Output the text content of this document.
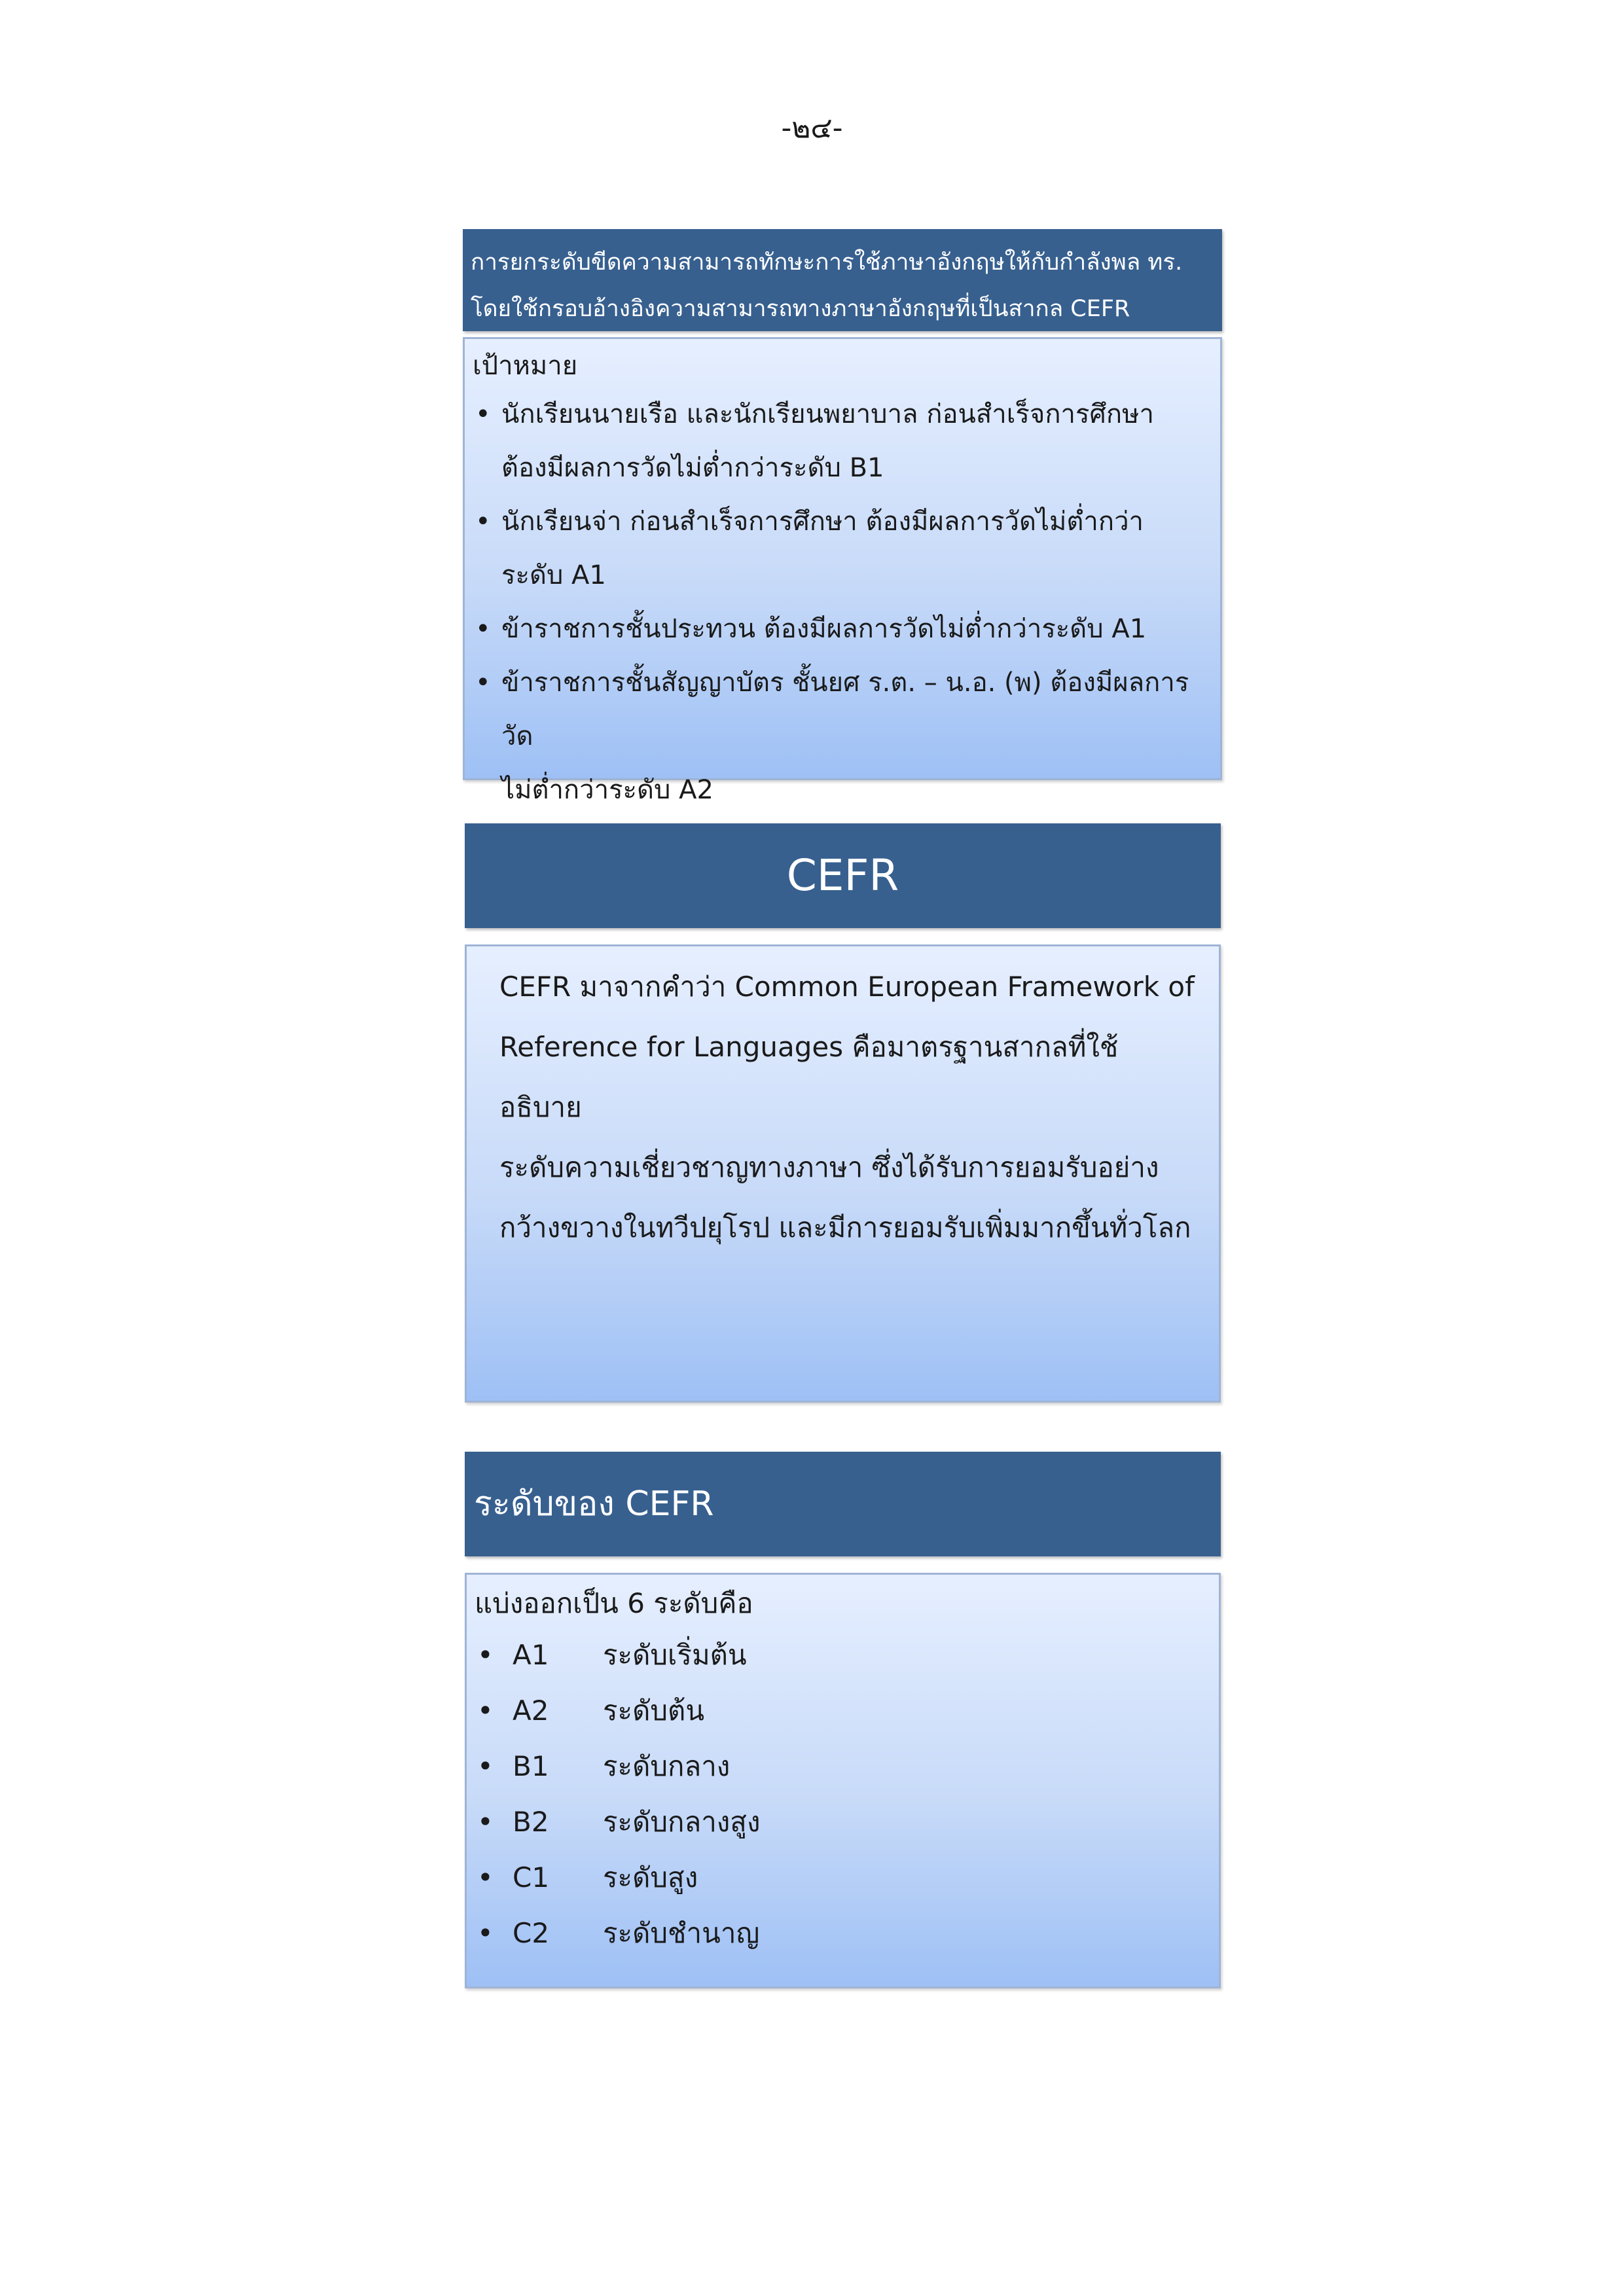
-๒๔-
การยกระดับขีดความสามารถทักษะการใช้ภาษาอังกฤษให้กับกำลังพล ทร.
โดยใช้กรอบอ้างอิงความสามารถทางภาษาอังกฤษที่เป็นสากล CEFR
เป้าหมาย
• นักเรียนนายเรือ และนักเรียนพยาบาล ก่อนสำเร็จการศึกษา
ต้องมีผลการวัดไม่ต่ำกว่าระดับ B1
• นักเรียนจ่า ก่อนสำเร็จการศึกษา ต้องมีผลการวัดไม่ต่ำกว่า
ระดับ A1
• ข้าราชการชั้นประทวน ต้องมีผลการวัดไม่ต่ำกว่าระดับ A1
• ข้าราชการชั้นสัญญาบัตร ชั้นยศ ร.ต. – น.อ. (พ) ต้องมีผลการวัด
ไม่ต่ำกว่าระดับ A2
CEFR
CEFR มาจากคำว่า Common European Framework of
Reference for Languages คือมาตรฐานสากลที่ใช้อธิบาย
ระดับความเชี่ยวชาญทางภาษา ซึ่งได้รับการยอมรับอย่าง
กว้างขวางในทวีปยุโรป และมีการยอมรับเพิ่มมากขึ้นทั่วโลก
ระดับของ CEFR
แบ่งออกเป็น 6 ระดับคือ
• A1 ระดับเริ่มต้น
• A2 ระดับต้น
• B1 ระดับกลาง
• B2 ระดับกลางสูง
• C1 ระดับสูง
• C2 ระดับชำนาญ
